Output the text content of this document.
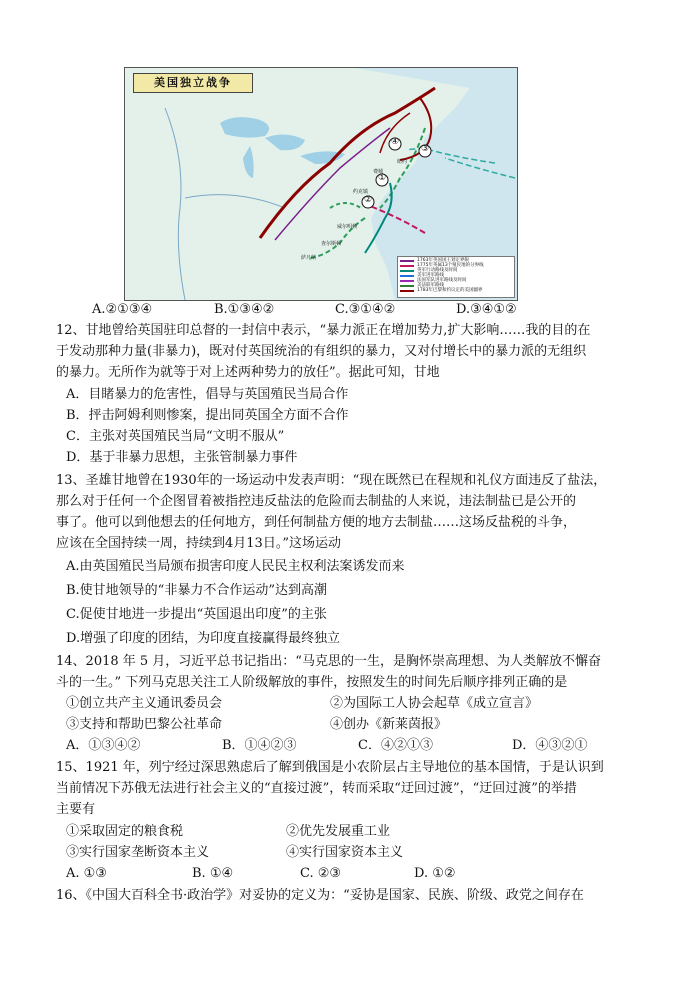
美国独立战争
④
③
①
②
纽约
费城
约克镇
威尔明顿
查尔斯顿
萨凡纳	1763年英国国王划定界限
1775年英属13个殖民地的分界线
英军行动路线及时间
美军进军路线
法国军队进军路线及时间
美法联军路线
1783年巴黎和约议定的美国疆界
A.②①③④	B.①③④②	C.③①④②	D.③④①②
12、甘地曾给英国驻印总督的一封信中表示，“暴力派正在增加势力,扩大影响……我的目的在
于发动那种力量(非暴力)，既对付英国统治的有组织的暴力，又对付增长中的暴力派的无组织
的暴力。无所作为就等于对上述两种势力的放任”。据此可知，甘地
A．目睹暴力的危害性，倡导与英国殖民当局合作
B．抨击阿姆利则惨案，提出同英国全方面不合作
C．主张对英国殖民当局“文明不服从”
D．基于非暴力思想，主张管制暴力事件
13、圣雄甘地曾在1930年的一场运动中发表声明：“现在既然已在程规和礼仪方面违反了盐法，
那么对于任何一个企图冒着被指控违反盐法的危险而去制盐的人来说，违法制盐已是公开的
事了。他可以到他想去的任何地方，到任何制盐方便的地方去制盐……这场反盐税的斗争，
应该在全国持续一周，持续到4月13日。”这场运动
A.由英国殖民当局颁布损害印度人民民主权利法案诱发而来
B.使甘地领导的“非暴力不合作运动”达到高潮
C.促使甘地进一步提出“英国退出印度”的主张
D.增强了印度的团结，为印度直接赢得最终独立
14、2018 年 5 月，习近平总书记指出：“马克思的一生，是胸怀崇高理想、为人类解放不懈奋
斗的一生。” 下列马克思关注工人阶级解放的事件，按照发生的时间先后顺序排列正确的是
①创立共产主义通讯委员会	②为国际工人协会起草《成立宣言》
③支持和帮助巴黎公社革命	④创办《新莱茵报》
A．①③④②	B．①④②③	C．④②①③	D．④③②①
15、1921 年，列宁经过深思熟虑后了解到俄国是小农阶层占主导地位的基本国情，于是认识到
当前情况下苏俄无法进行社会主义的“直接过渡”，转而采取“迂回过渡”，“迂回过渡”的举措
主要有
①采取固定的粮食税	②优先发展重工业
③实行国家垄断资本主义	④实行国家资本主义
A. ①③	B. ①④	C. ②③	D. ①②
16、《中国大百科全书·政治学》对妥协的定义为：“妥协是国家、民族、阶级、政党之间存在
